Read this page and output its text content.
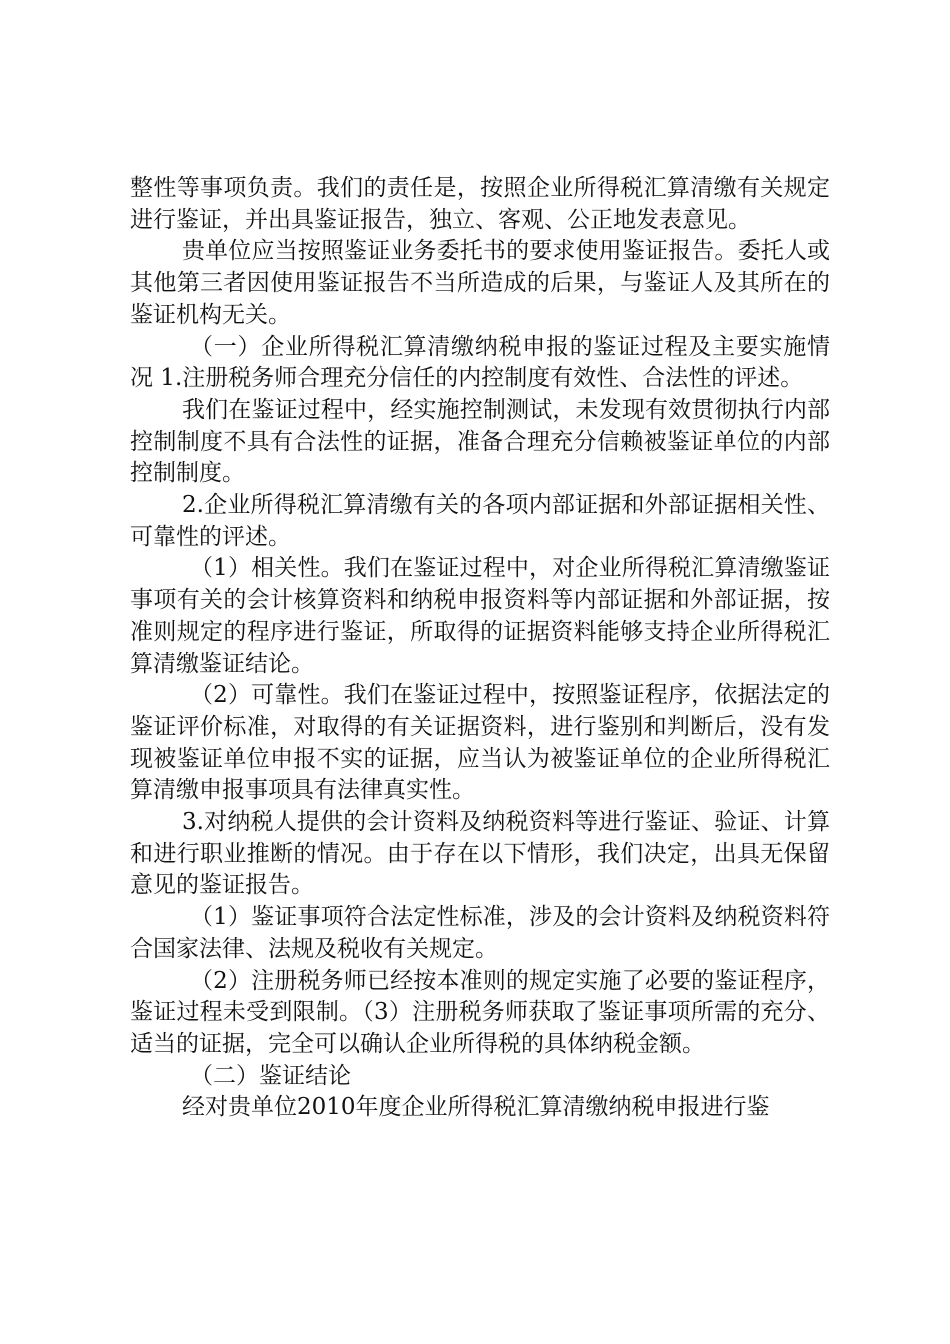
整性等事项负责。我们的责任是，按照企业所得税汇算清缴有关规定进行鉴证，并出具鉴证报告，独立、客观、公正地发表意见。

贵单位应当按照鉴证业务委托书的要求使用鉴证报告。委托人或其他第三者因使用鉴证报告不当所造成的后果，与鉴证人及其所在的鉴证机构无关。

（一）企业所得税汇算清缴纳税申报的鉴证过程及主要实施情况 1.注册税务师合理充分信任的内控制度有效性、合法性的评述。

我们在鉴证过程中，经实施控制测试，未发现有效贯彻执行内部控制制度不具有合法性的证据，准备合理充分信赖被鉴证单位的内部控制制度。

2.企业所得税汇算清缴有关的各项内部证据和外部证据相关性、可靠性的评述。

（1）相关性。我们在鉴证过程中，对企业所得税汇算清缴鉴证事项有关的会计核算资料和纳税申报资料等内部证据和外部证据，按准则规定的程序进行鉴证，所取得的证据资料能够支持企业所得税汇算清缴鉴证结论。

（2）可靠性。我们在鉴证过程中，按照鉴证程序，依据法定的鉴证评价标准，对取得的有关证据资料，进行鉴别和判断后，没有发现被鉴证单位申报不实的证据，应当认为被鉴证单位的企业所得税汇算清缴申报事项具有法律真实性。

3.对纳税人提供的会计资料及纳税资料等进行鉴证、验证、计算和进行职业推断的情况。由于存在以下情形，我们决定，出具无保留意见的鉴证报告。

（1）鉴证事项符合法定性标准，涉及的会计资料及纳税资料符合国家法律、法规及税收有关规定。

（2）注册税务师已经按本准则的规定实施了必要的鉴证程序，鉴证过程未受到限制。（3）注册税务师获取了鉴证事项所需的充分、适当的证据，完全可以确认企业所得税的具体纳税金额。

（二）鉴证结论

经对贵单位2010年度企业所得税汇算清缴纳税申报进行鉴
